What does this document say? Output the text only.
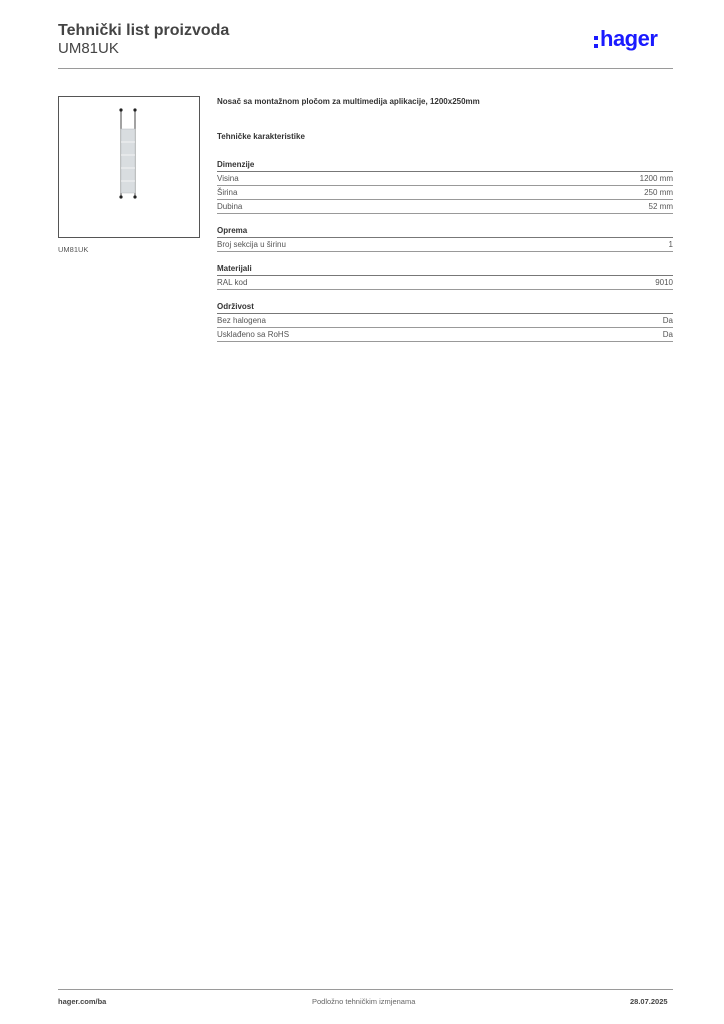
Tehnički list proizvoda
UM81UK	hager
UM81UK
Nosač sa montažnom pločom za multimedija aplikacije, 1200x250mm
Tehničke karakteristike
Dimenzije
Visina	1200 mm
Širina	250 mm
Dubina	52 mm
Oprema
Broj sekcija u širinu	1
Materijali
RAL kod	9010
Održivost
Bez halogena	Da
Usklađeno sa RoHS	Da
hager.com/ba	Podložno tehničkim izmjenama	28.07.2025
